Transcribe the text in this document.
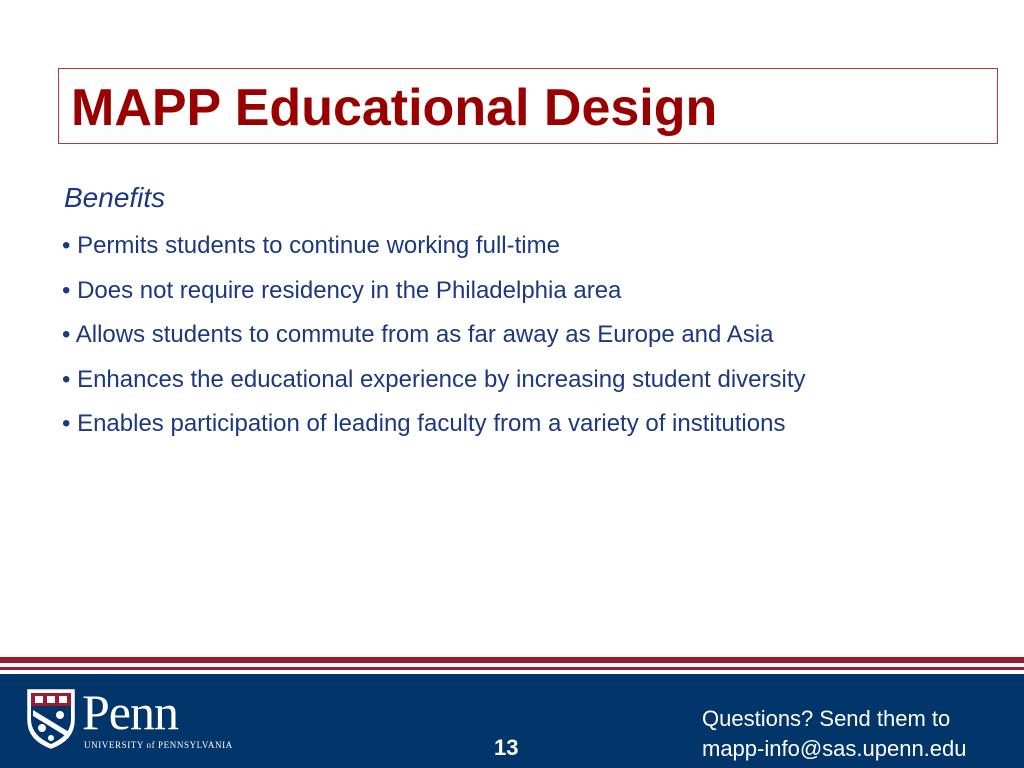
MAPP Educational Design
Benefits
• Permits students to continue working full-time
• Does not require residency in the Philadelphia area
• Allows students to commute from as far away as Europe and Asia
• Enhances the educational experience by increasing student diversity
• Enables participation of leading faculty from a variety of institutions
Penn
UNIVERSITY of PENNSYLVANIA	13
Questions? Send them to
mapp-info@sas.upenn.edu
